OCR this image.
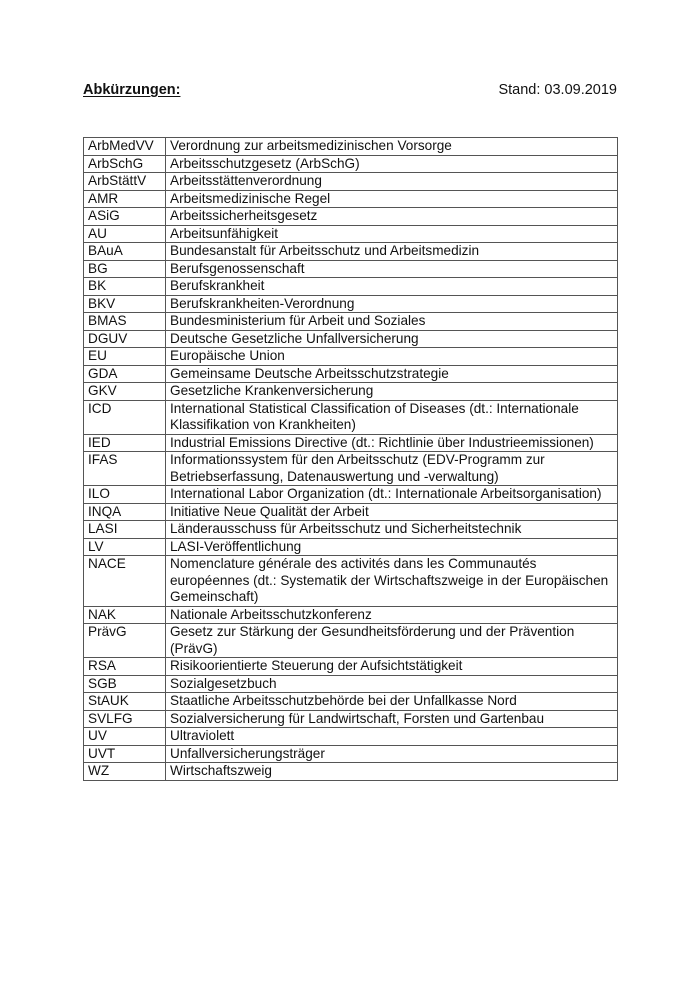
Abkürzungen:	Stand: 03.09.2019
ArbMedVV	Verordnung zur arbeitsmedizinischen Vorsorge
ArbSchG	Arbeitsschutzgesetz (ArbSchG)
ArbStättV	Arbeitsstättenverordnung
AMR	Arbeitsmedizinische Regel
ASiG	Arbeitssicherheitsgesetz
AU	Arbeitsunfähigkeit
BAuA	Bundesanstalt für Arbeitsschutz und Arbeitsmedizin
BG	Berufsgenossenschaft
BK	Berufskrankheit
BKV	Berufskrankheiten-Verordnung
BMAS	Bundesministerium für Arbeit und Soziales
DGUV	Deutsche Gesetzliche Unfallversicherung
EU	Europäische Union
GDA	Gemeinsame Deutsche Arbeitsschutzstrategie
GKV	Gesetzliche Krankenversicherung
ICD	International Statistical Classification of Diseases (dt.: Internationale Klassifikation von Krankheiten)
IED	Industrial Emissions Directive (dt.: Richtlinie über Industrieemissionen)
IFAS	Informationssystem für den Arbeitsschutz (EDV-Programm zur Betriebserfassung, Datenauswertung und -verwaltung)
ILO	International Labor Organization (dt.: Internationale Arbeitsorganisation)
INQA	Initiative Neue Qualität der Arbeit
LASI	Länderausschuss für Arbeitsschutz und Sicherheitstechnik
LV	LASI-Veröffentlichung
NACE	Nomenclature générale des activités dans les Communautés européennes (dt.: Systematik der Wirtschaftszweige in der Europäischen Gemeinschaft)
NAK	Nationale Arbeitsschutzkonferenz
PrävG	Gesetz zur Stärkung der Gesundheitsförderung und der Prävention (PrävG)
RSA	Risikoorientierte Steuerung der Aufsichtstätigkeit
SGB	Sozialgesetzbuch
StAUK	Staatliche Arbeitsschutzbehörde bei der Unfallkasse Nord
SVLFG	Sozialversicherung für Landwirtschaft, Forsten und Gartenbau
UV	Ultraviolett
UVT	Unfallversicherungsträger
WZ	Wirtschaftszweig
